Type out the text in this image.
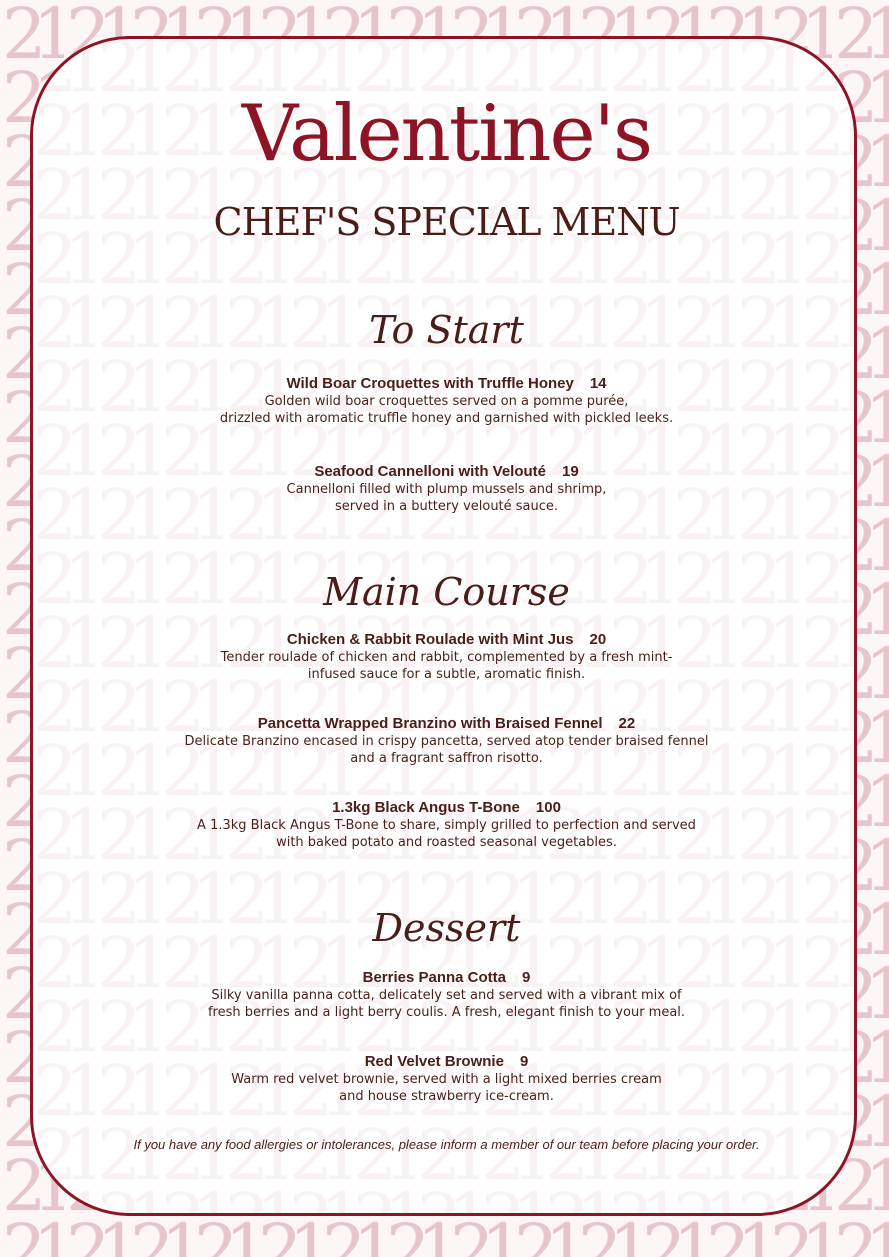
Valentine's
CHEF'S SPECIAL MENU
To Start
Wild Boar Croquettes with Truffle Honey 14
Golden wild boar croquettes served on a pomme purée,
drizzled with aromatic truffle honey and garnished with pickled leeks.
Seafood Cannelloni with Velouté 19
Cannelloni filled with plump mussels and shrimp,
served in a buttery velouté sauce.
Main Course
Chicken & Rabbit Roulade with Mint Jus 20
Tender roulade of chicken and rabbit, complemented by a fresh mint-
infused sauce for a subtle, aromatic finish.
Pancetta Wrapped Branzino with Braised Fennel 22
Delicate Branzino encased in crispy pancetta, served atop tender braised fennel
and a fragrant saffron risotto.
1.3kg Black Angus T-Bone 100
A 1.3kg Black Angus T-Bone to share, simply grilled to perfection and served
with baked potato and roasted seasonal vegetables.
Dessert
Berries Panna Cotta 9
Silky vanilla panna cotta, delicately set and served with a vibrant mix of
fresh berries and a light berry coulis. A fresh, elegant finish to your meal.
Red Velvet Brownie 9
Warm red velvet brownie, served with a light mixed berries cream
and house strawberry ice-cream.

If you have any food allergies or intolerances, please inform a member of our team before placing your order.
